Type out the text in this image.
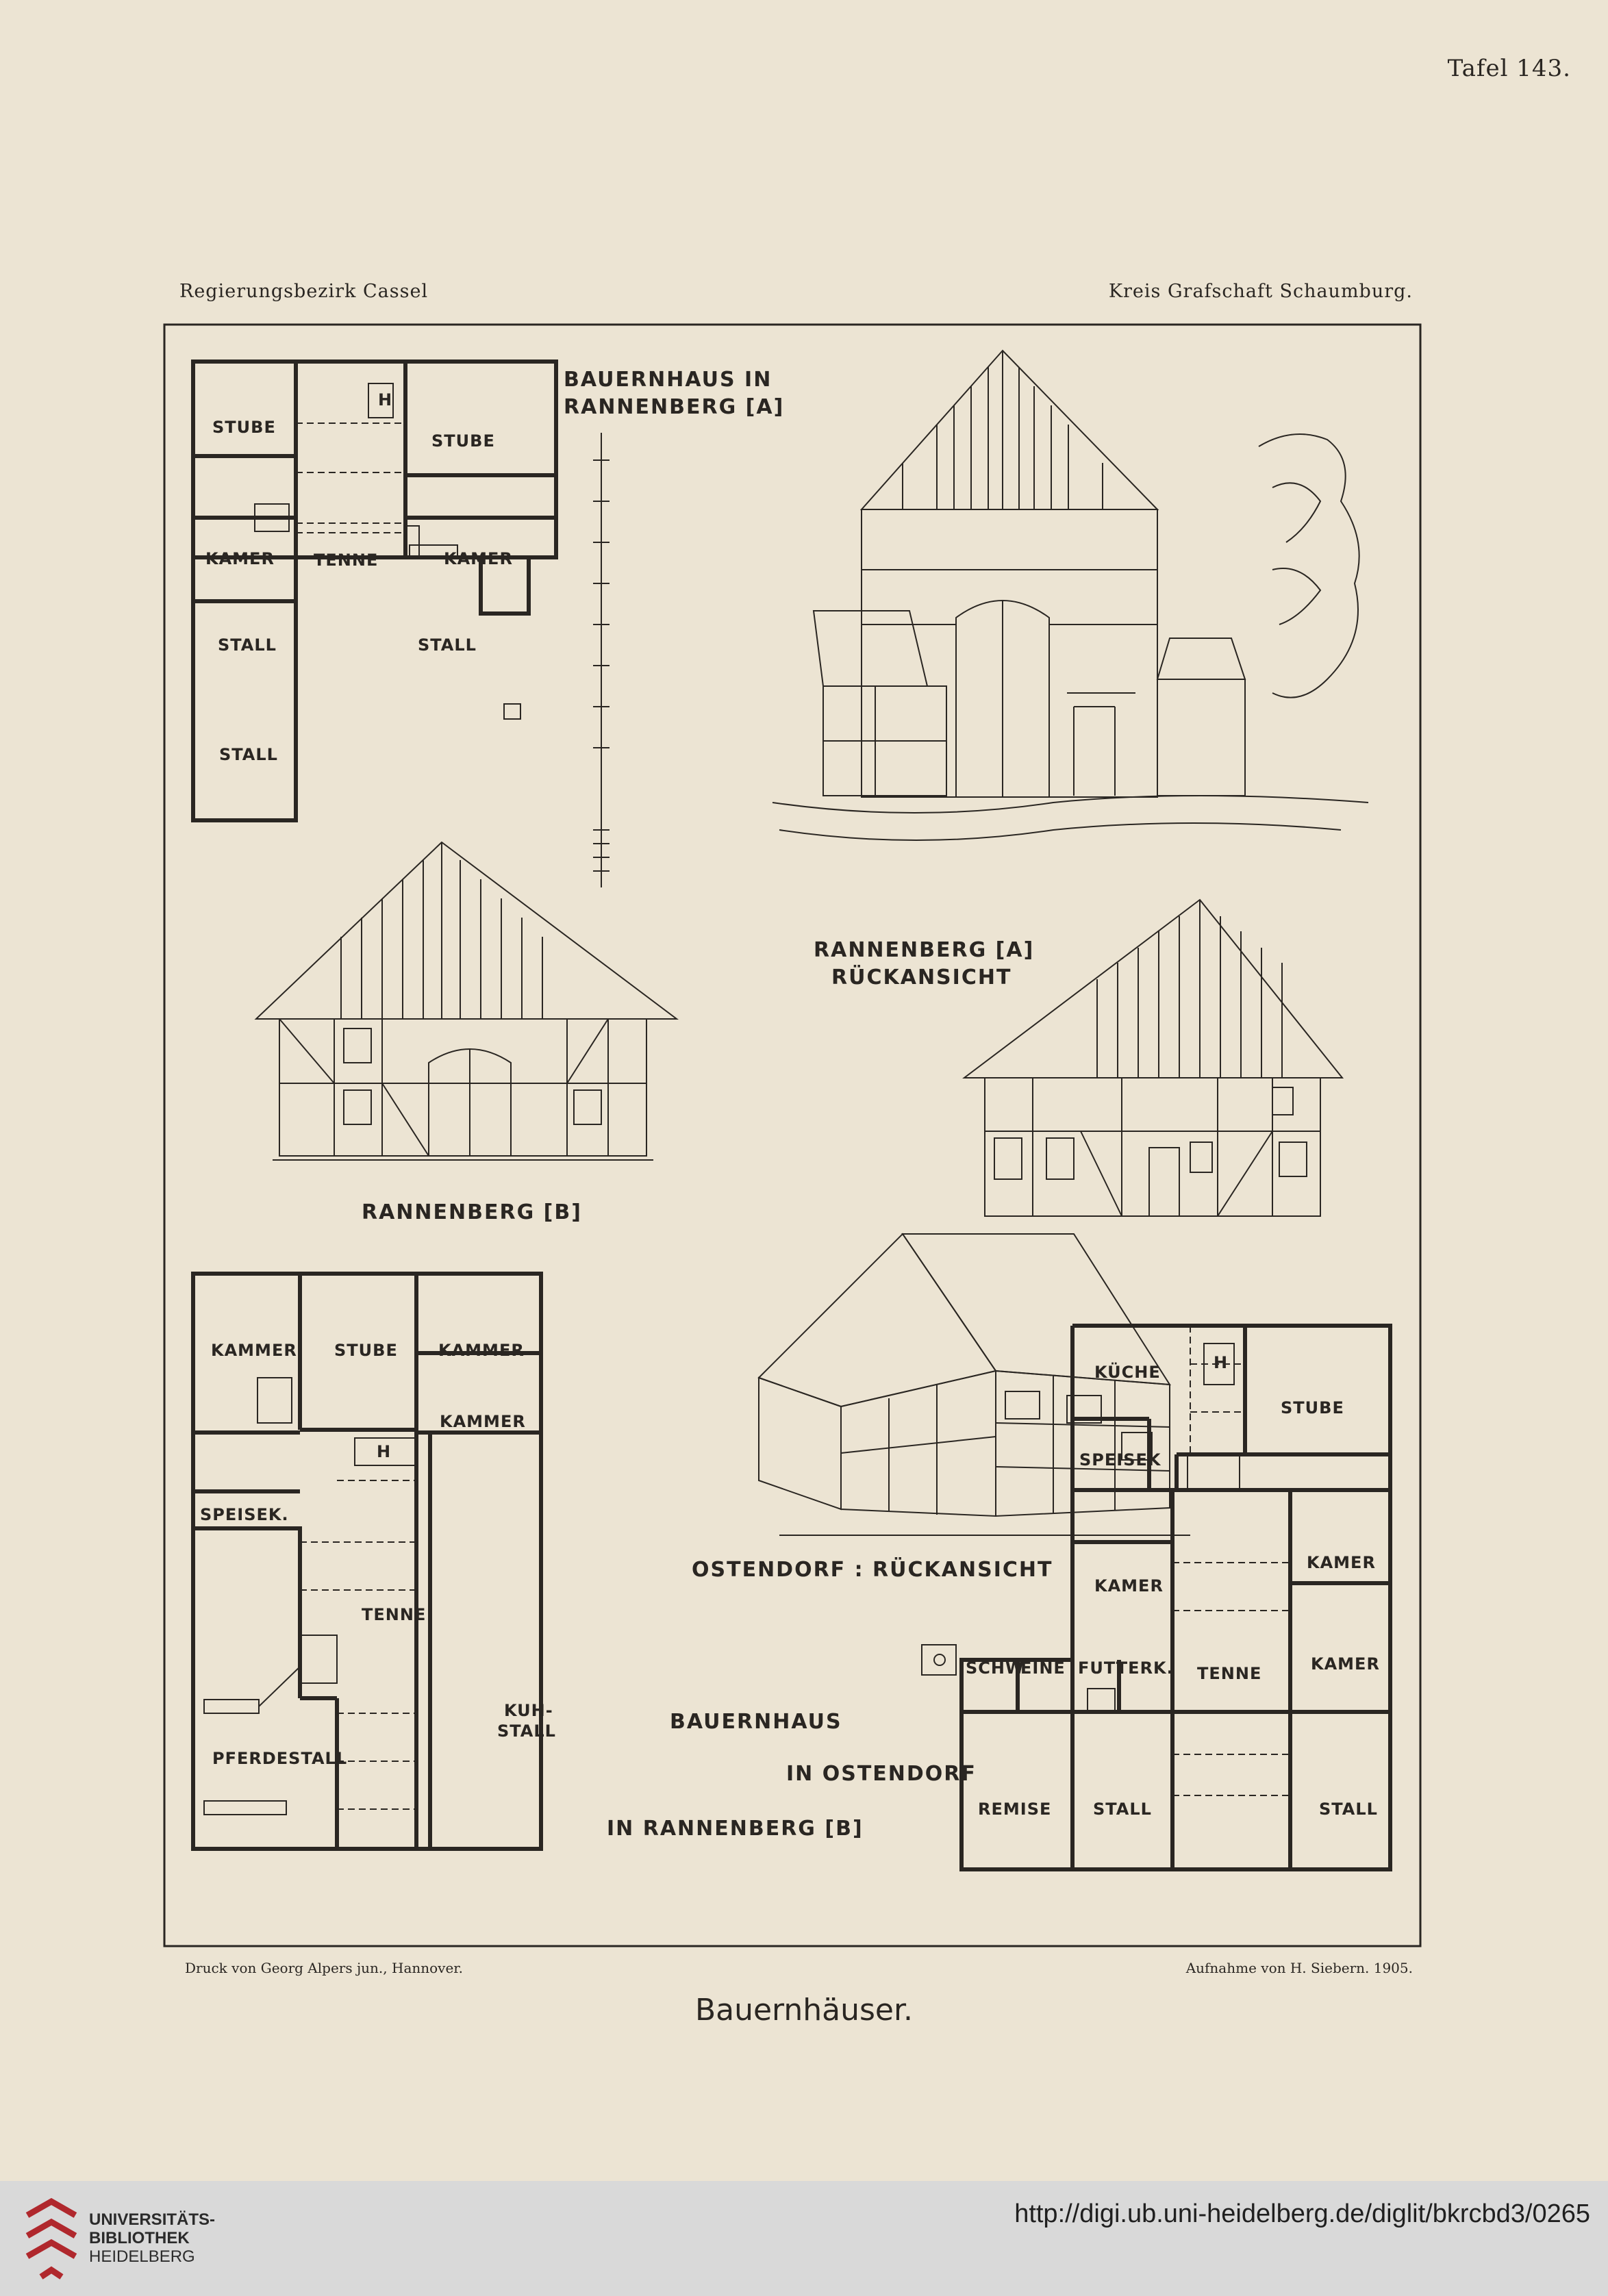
Tafel 143.
Regierungsbezirk Cassel	Kreis Grafschaft Schaumburg.
BAUERNHAUS IN
RANNENBERG [A]
STUBE
STUBE
H
KAMER TENNE	KAMER
STALL	STALL
STALL
RANNENBERG [A]
RÜCKANSICHT
RANNENBERG [B]
KAMMER STUBE KAMMER
H
KAMMER
SPEISEK.
TENNE
KUH-
STALL
PFERDESTALL
OSTENDORF : RÜCKANSICHT
BAUERNHAUS
IN OSTENDORF
IN RANNENBERG [B]
KÜCHE	H
STUBE
SPEISEK
KAMER
KAMER
SCHW
EINE FUTTERK. TENNE	KAMER
REMISE	STALL	STALL
Druck von Georg Alpers jun., Hannover.	Aufnahme von H. Siebern. 1905.
Bauernhäuser.
UNIVERSITÄTS-
BIBLIOTHEK
HEIDELBERG
http://digi.ub.uni-heidelberg.de/diglit/bkrcbd3/0265
